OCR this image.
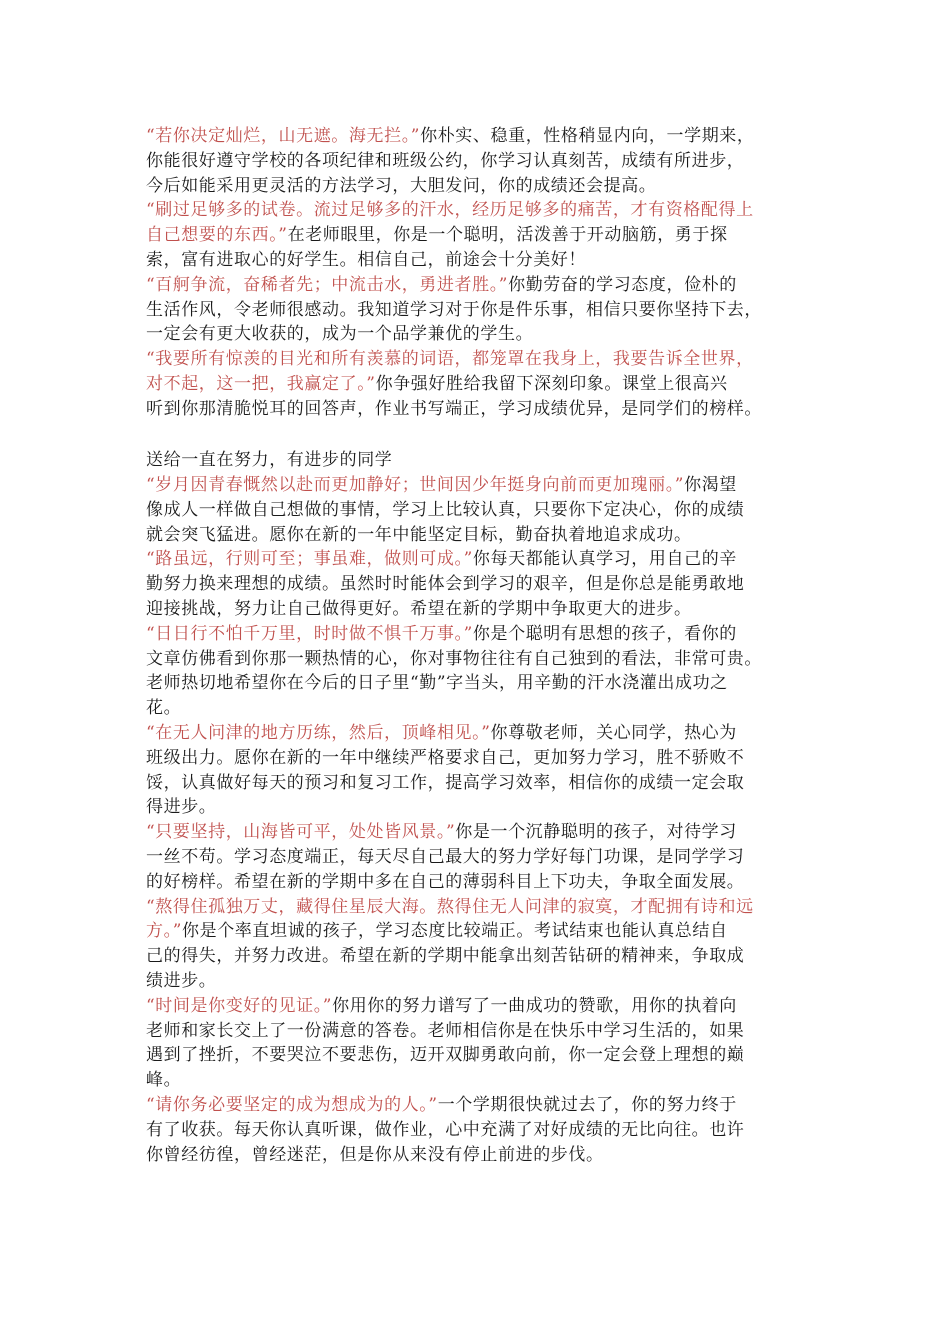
“若你决定灿烂，山无遮。海无拦。”你朴实、稳重，性格稍显内向，一学期来，
你能很好遵守学校的各项纪律和班级公约，你学习认真刻苦，成绩有所进步，
今后如能采用更灵活的方法学习，大胆发问，你的成绩还会提高。
“刷过足够多的试卷。流过足够多的汗水，经历足够多的痛苦，才有资格配得上
自己想要的东西。”在老师眼里，你是一个聪明，活泼善于开动脑筋，勇于探
索，富有进取心的好学生。相信自己，前途会十分美好！
“百舸争流，奋稀者先；中流击水，勇进者胜。”你勤劳奋的学习态度，俭朴的
生活作风，令老师很感动。我知道学习对于你是件乐事，相信只要你坚持下去，
一定会有更大收获的，成为一个品学兼优的学生。
“我要所有惊羡的目光和所有羡慕的词语，都笼罩在我身上，我要告诉全世界，
对不起，这一把，我赢定了。”你争强好胜给我留下深刻印象。课堂上很高兴
听到你那清脆悦耳的回答声，作业书写端正，学习成绩优异，是同学们的榜样。
送给一直在努力，有进步的同学
“岁月因青春慨然以赴而更加静好；世间因少年挺身向前而更加瑰丽。”你渴望
像成人一样做自己想做的事情，学习上比较认真，只要你下定决心，你的成绩
就会突飞猛进。愿你在新的一年中能坚定目标，勤奋执着地追求成功。
“路虽远，行则可至；事虽难，做则可成。”你每天都能认真学习，用自己的辛
勤努力换来理想的成绩。虽然时时能体会到学习的艰辛，但是你总是能勇敢地
迎接挑战，努力让自己做得更好。希望在新的学期中争取更大的进步。
“日日行不怕千万里，时时做不惧千万事。”你是个聪明有思想的孩子，看你的
文章仿佛看到你那一颗热情的心，你对事物往往有自己独到的看法，非常可贵。
老师热切地希望你在今后的日子里“勤”字当头，用辛勤的汗水浇灌出成功之
花。
“在无人问津的地方历练，然后，顶峰相见。”你尊敬老师，关心同学，热心为
班级出力。愿你在新的一年中继续严格要求自己，更加努力学习，胜不骄败不
馁，认真做好每天的预习和复习工作，提高学习效率，相信你的成绩一定会取
得进步。
“只要坚持，山海皆可平，处处皆风景。”你是一个沉静聪明的孩子，对待学习
一丝不苟。学习态度端正，每天尽自己最大的努力学好每门功课，是同学学习
的好榜样。希望在新的学期中多在自己的薄弱科目上下功夫，争取全面发展。
“熬得住孤独万丈，藏得住星辰大海。熬得住无人问津的寂寞，才配拥有诗和远
方。”你是个率直坦诚的孩子，学习态度比较端正。考试结束也能认真总结自
己的得失，并努力改进。希望在新的学期中能拿出刻苦钻研的精神来，争取成
绩进步。
“时间是你变好的见证。”你用你的努力谱写了一曲成功的赞歌，用你的执着向
老师和家长交上了一份满意的答卷。老师相信你是在快乐中学习生活的，如果
遇到了挫折，不要哭泣不要悲伤，迈开双脚勇敢向前，你一定会登上理想的巅
峰。
“请你务必要坚定的成为想成为的人。”一个学期很快就过去了，你的努力终于
有了收获。每天你认真听课，做作业，心中充满了对好成绩的无比向往。也许
你曾经彷徨，曾经迷茫，但是你从来没有停止前进的步伐。
